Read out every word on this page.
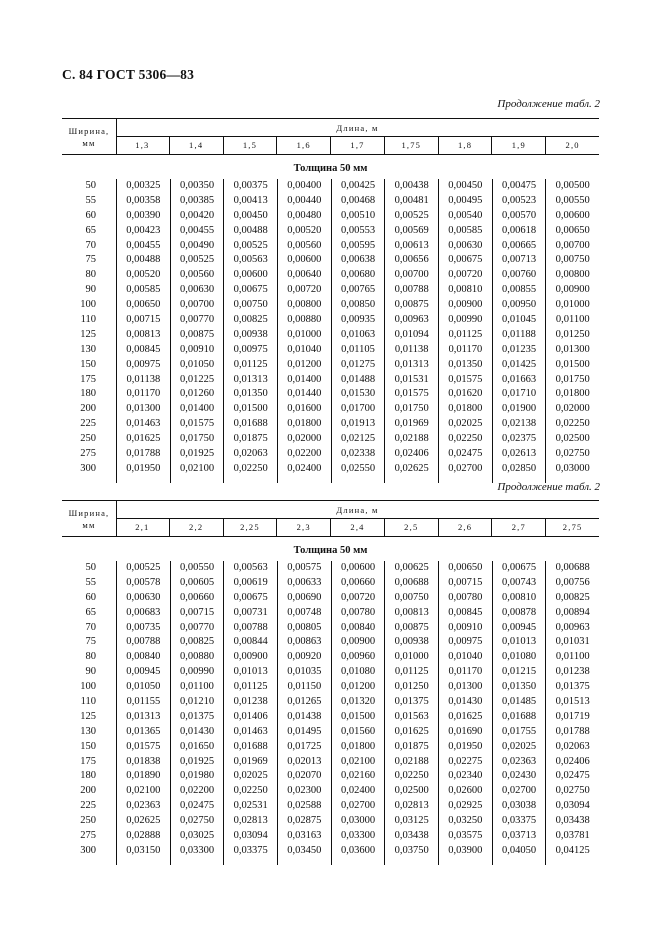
С. 84 ГОСТ 5306—83
Продолжение табл. 2
Ширина,
мм
Длина, м
1,3	1,4	1,5	1,6	1,7	1,75	1,8	1,9	2,0
Толщина 50 мм
50	0,00325	0,00350	0,00375	0,00400	0,00425	0,00438	0,00450	0,00475	0,00500
55	0,00358	0,00385	0,00413	0,00440	0,00468	0,00481	0,00495	0,00523	0,00550
60	0,00390	0,00420	0,00450	0,00480	0,00510	0,00525	0,00540	0,00570	0,00600
65	0,00423	0,00455	0,00488	0,00520	0,00553	0,00569	0,00585	0,00618	0,00650
70	0,00455	0,00490	0,00525	0,00560	0,00595	0,00613	0,00630	0,00665	0,00700
75	0,00488	0,00525	0,00563	0,00600	0,00638	0,00656	0,00675	0,00713	0,00750
80	0,00520	0,00560	0,00600	0,00640	0,00680	0,00700	0,00720	0,00760	0,00800
90	0,00585	0,00630	0,00675	0,00720	0,00765	0,00788	0,00810	0,00855	0,00900
100	0,00650	0,00700	0,00750	0,00800	0,00850	0,00875	0,00900	0,00950	0,01000
110	0,00715	0,00770	0,00825	0,00880	0,00935	0,00963	0,00990	0,01045	0,01100
125	0,00813	0,00875	0,00938	0,01000	0,01063	0,01094	0,01125	0,01188	0,01250
130	0,00845	0,00910	0,00975	0,01040	0,01105	0,01138	0,01170	0,01235	0,01300
150	0,00975	0,01050	0,01125	0,01200	0,01275	0,01313	0,01350	0,01425	0,01500
175	0,01138	0,01225	0,01313	0,01400	0,01488	0,01531	0,01575	0,01663	0,01750
180	0,01170	0,01260	0,01350	0,01440	0,01530	0,01575	0,01620	0,01710	0,01800
200	0,01300	0,01400	0,01500	0,01600	0,01700	0,01750	0,01800	0,01900	0,02000
225	0,01463	0,01575	0,01688	0,01800	0,01913	0,01969	0,02025	0,02138	0,02250
250	0,01625	0,01750	0,01875	0,02000	0,02125	0,02188	0,02250	0,02375	0,02500
275	0,01788	0,01925	0,02063	0,02200	0,02338	0,02406	0,02475	0,02613	0,02750
300	0,01950	0,02100	0,02250	0,02400	0,02550	0,02625	0,02700	0,02850	0,03000
Продолжение табл. 2
Ширина,
мм
Длина, м
2,1	2,2	2,25	2,3	2,4	2,5	2,6	2,7	2,75
Толщина 50 мм
50	0,00525	0,00550	0,00563	0,00575	0,00600	0,00625	0,00650	0,00675	0,00688
55	0,00578	0,00605	0,00619	0,00633	0,00660	0,00688	0,00715	0,00743	0,00756
60	0,00630	0,00660	0,00675	0,00690	0,00720	0,00750	0,00780	0,00810	0,00825
65	0,00683	0,00715	0,00731	0,00748	0,00780	0,00813	0,00845	0,00878	0,00894
70	0,00735	0,00770	0,00788	0,00805	0,00840	0,00875	0,00910	0,00945	0,00963
75	0,00788	0,00825	0,00844	0,00863	0,00900	0,00938	0,00975	0,01013	0,01031
80	0,00840	0,00880	0,00900	0,00920	0,00960	0,01000	0,01040	0,01080	0,01100
90	0,00945	0,00990	0,01013	0,01035	0,01080	0,01125	0,01170	0,01215	0,01238
100	0,01050	0,01100	0,01125	0,01150	0,01200	0,01250	0,01300	0,01350	0,01375
110	0,01155	0,01210	0,01238	0,01265	0,01320	0,01375	0,01430	0,01485	0,01513
125	0,01313	0,01375	0,01406	0,01438	0,01500	0,01563	0,01625	0,01688	0,01719
130	0,01365	0,01430	0,01463	0,01495	0,01560	0,01625	0,01690	0,01755	0,01788
150	0,01575	0,01650	0,01688	0,01725	0,01800	0,01875	0,01950	0,02025	0,02063
175	0,01838	0,01925	0,01969	0,02013	0,02100	0,02188	0,02275	0,02363	0,02406
180	0,01890	0,01980	0,02025	0,02070	0,02160	0,02250	0,02340	0,02430	0,02475
200	0,02100	0,02200	0,02250	0,02300	0,02400	0,02500	0,02600	0,02700	0,02750
225	0,02363	0,02475	0,02531	0,02588	0,02700	0,02813	0,02925	0,03038	0,03094
250	0,02625	0,02750	0,02813	0,02875	0,03000	0,03125	0,03250	0,03375	0,03438
275	0,02888	0,03025	0,03094	0,03163	0,03300	0,03438	0,03575	0,03713	0,03781
300	0,03150	0,03300	0,03375	0,03450	0,03600	0,03750	0,03900	0,04050	0,04125
